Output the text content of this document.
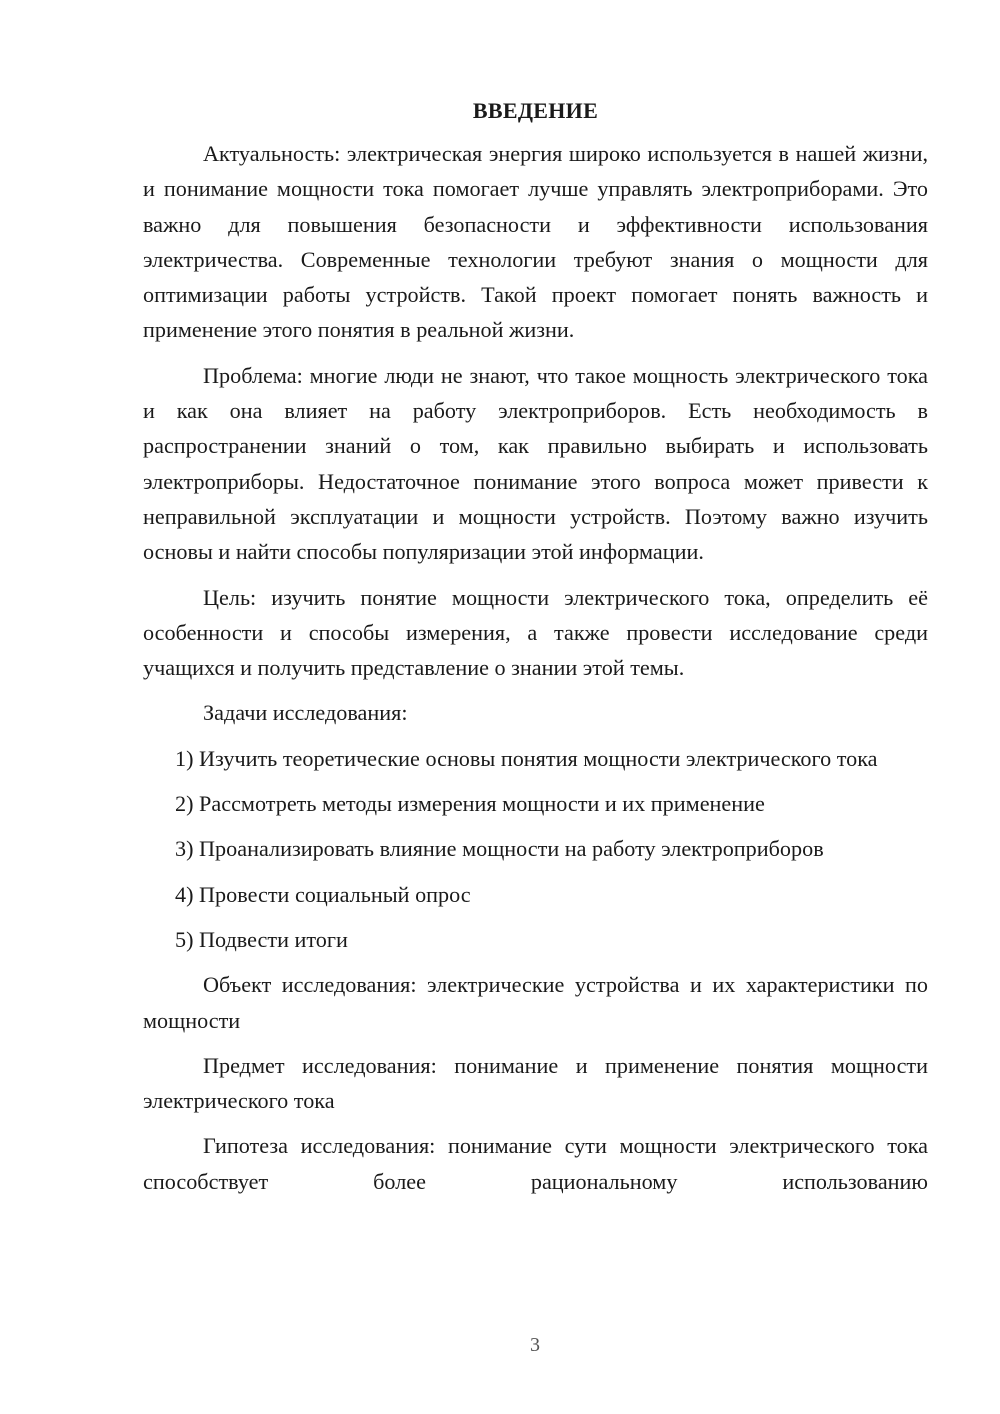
ВВЕДЕНИЕ

Актуальность: электрическая энергия широко используется в нашей жизни, и понимание мощности тока помогает лучше управлять электроприборами. Это важно для повышения безопасности и эффективности использования электричества. Современные технологии требуют знания о мощности для оптимизации работы устройств. Такой проект помогает понять важность и применение этого понятия в реальной жизни.

Проблема: многие люди не знают, что такое мощность электрического тока и как она влияет на работу электроприборов. Есть необходимость в распространении знаний о том, как правильно выбирать и использовать электроприборы. Недостаточное понимание этого вопроса может привести к неправильной эксплуатации и мощности устройств. Поэтому важно изучить основы и найти способы популяризации этой информации.

Цель: изучить понятие мощности электрического тока, определить её особенности и способы измерения, а также провести исследование среди учащихся и получить представление о знании этой темы.

Задачи исследования:

1) Изучить теоретические основы понятия мощности электрического тока

2) Рассмотреть методы измерения мощности и их применение

3) Проанализировать влияние мощности на работу электроприборов

4) Провести социальный опрос

5) Подвести итоги

Объект исследования: электрические устройства и их характеристики по мощности

Предмет исследования: понимание и применение понятия мощности электрического тока

Гипотеза исследования: понимание сути мощности электрического тока способствует более рациональному использованию

3
